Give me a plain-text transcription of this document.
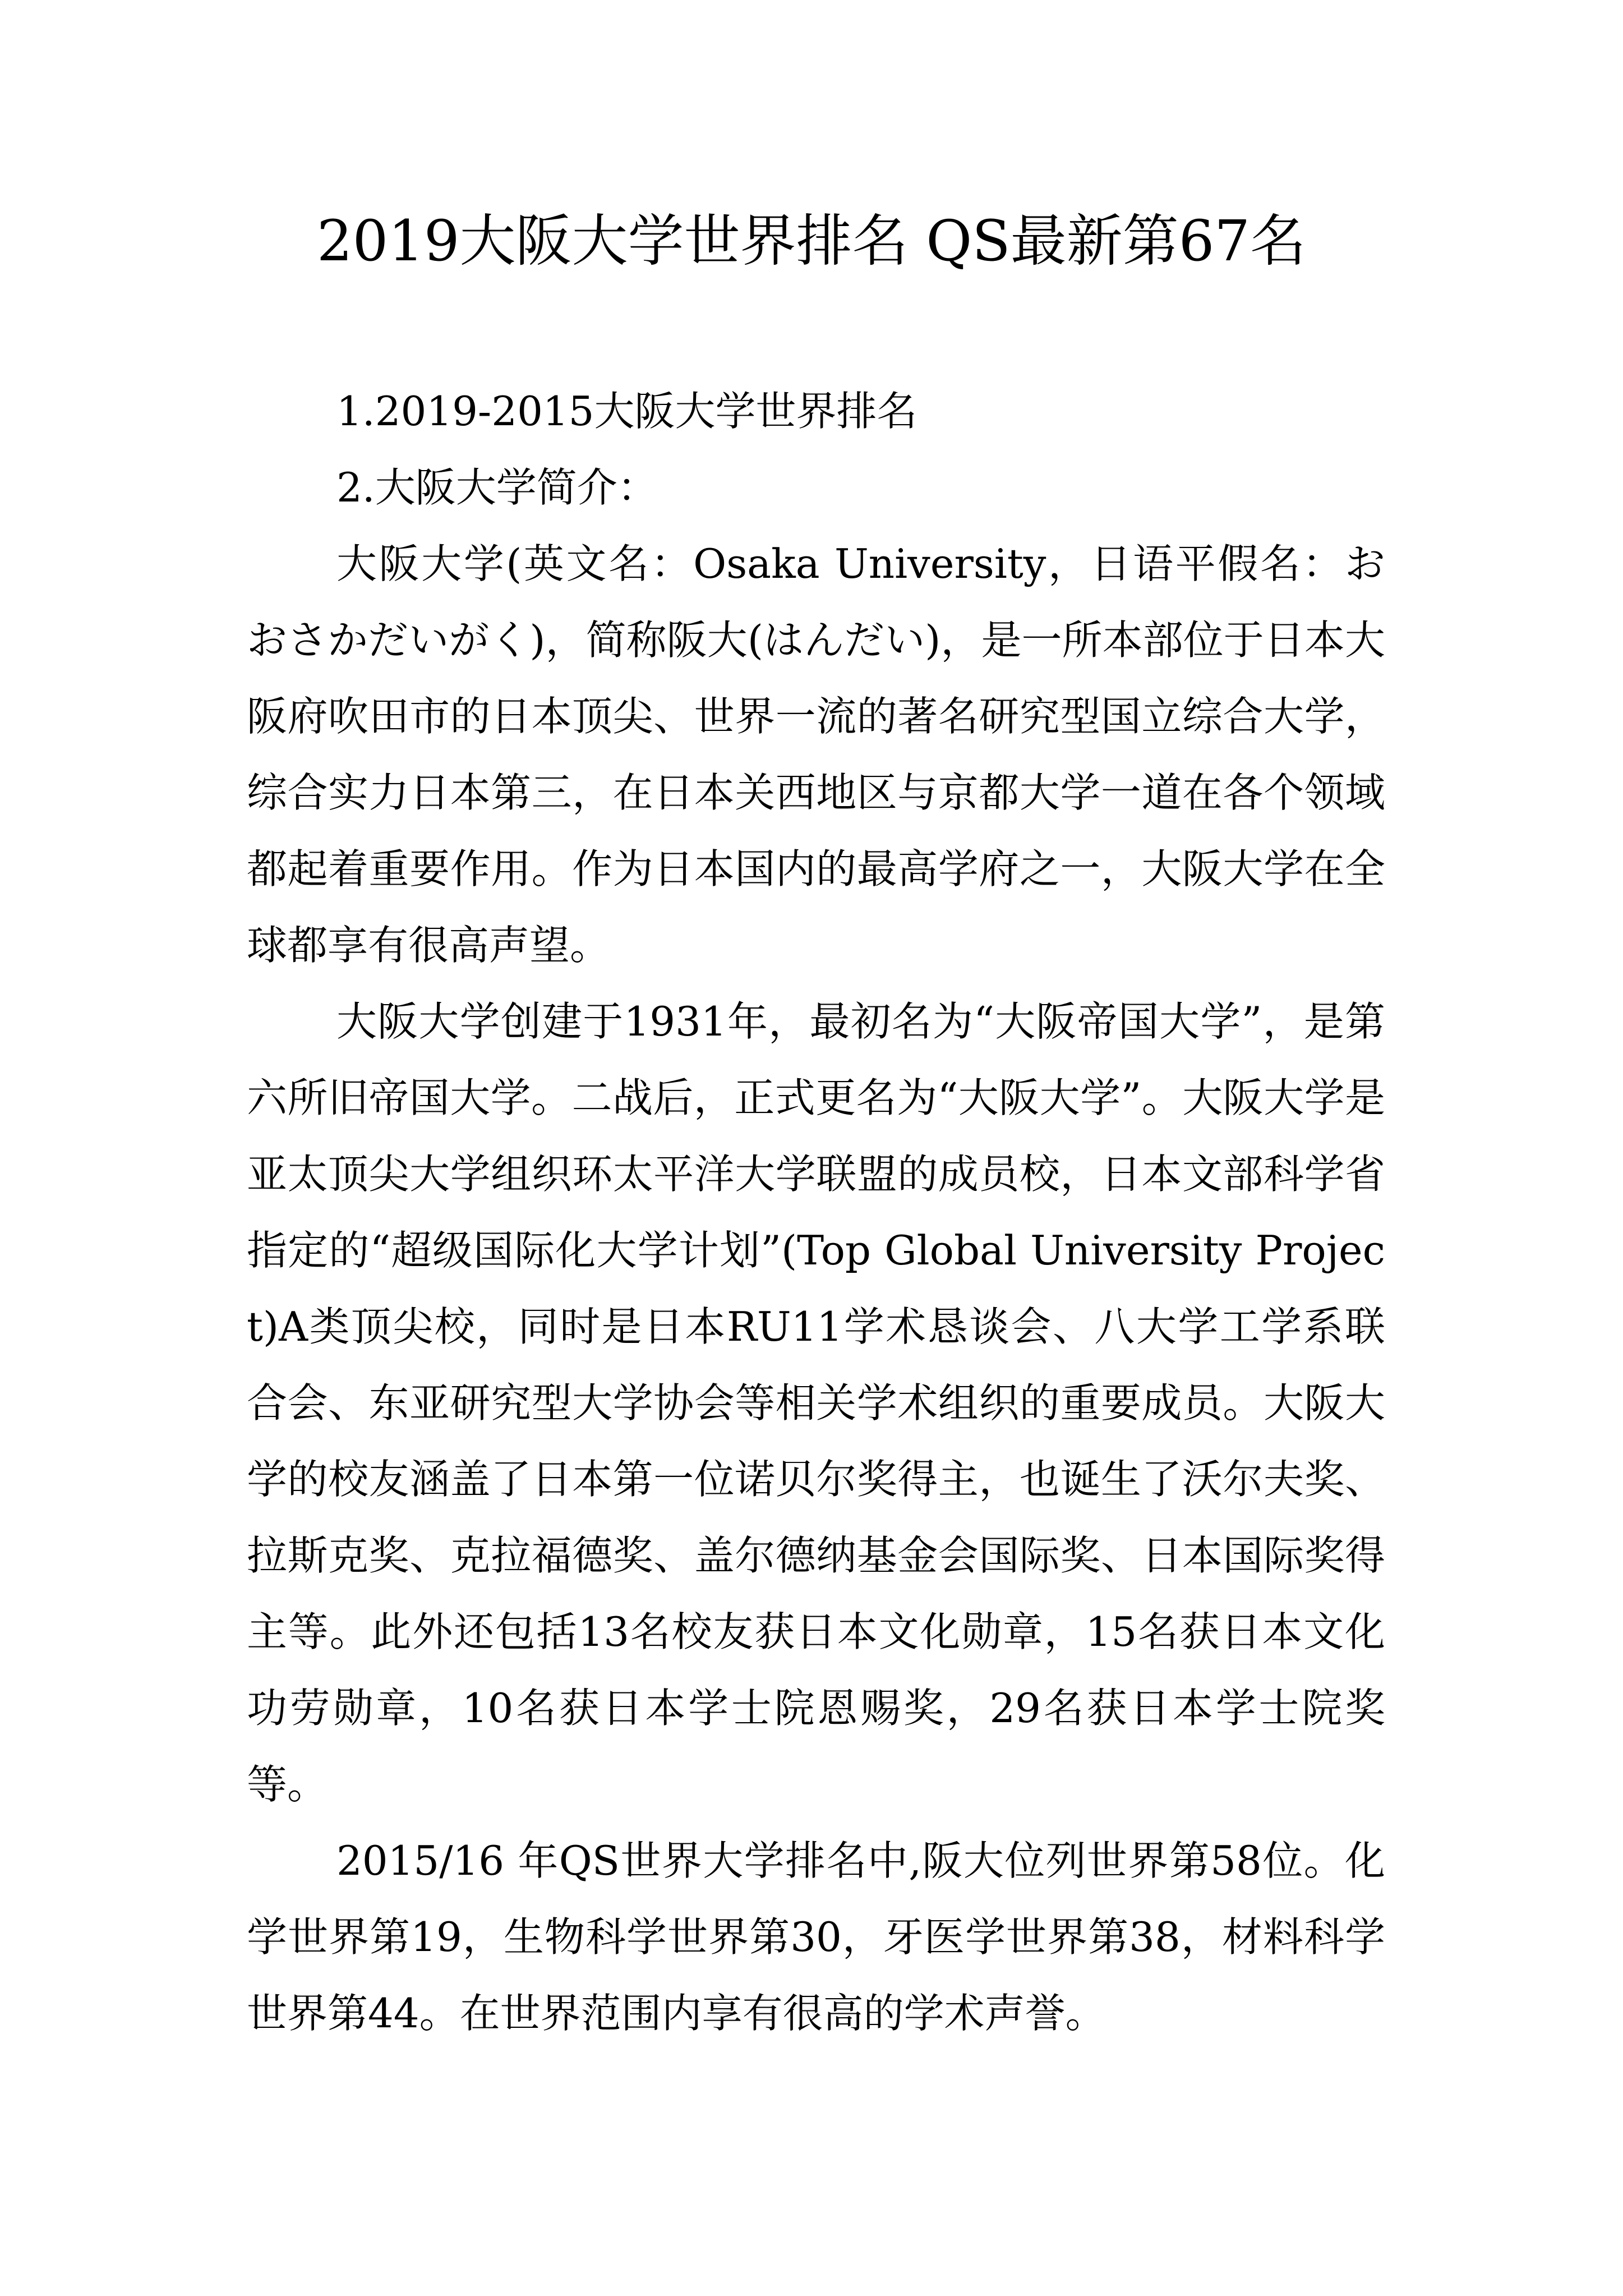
2019大阪大学世界排名 QS最新第67名

1.2019-2015大阪大学世界排名

2.大阪大学简介：

大阪大学(英文名：Osaka University，日语平假名：おおさかだいがく)，简称阪大(はんだい)，是一所本部位于日本大阪府吹田市的日本顶尖、世界一流的著名研究型国立综合大学，综合实力日本第三，在日本关西地区与京都大学一道在各个领域都起着重要作用。作为日本国内的最高学府之一，大阪大学在全球都享有很高声望。

大阪大学创建于1931年，最初名为“大阪帝国大学”，是第六所旧帝国大学。二战后，正式更名为“大阪大学”。大阪大学是亚太顶尖大学组织环太平洋大学联盟的成员校，日本文部科学省指定的“超级国际化大学计划”(Top Global University Project)A类顶尖校，同时是日本RU11学术恳谈会、八大学工学系联合会、东亚研究型大学协会等相关学术组织的重要成员。大阪大学的校友涵盖了日本第一位诺贝尔奖得主，也诞生了沃尔夫奖、拉斯克奖、克拉福德奖、盖尔德纳基金会国际奖、日本国际奖得主等。此外还包括13名校友获日本文化勋章，15名获日本文化功劳勋章，10名获日本学士院恩赐奖，29名获日本学士院奖等。

2015/16 年QS世界大学排名中,阪大位列世界第58位。化学世界第19，生物科学世界第30，牙医学世界第38，材料科学世界第44。在世界范围内享有很高的学术声誉。
